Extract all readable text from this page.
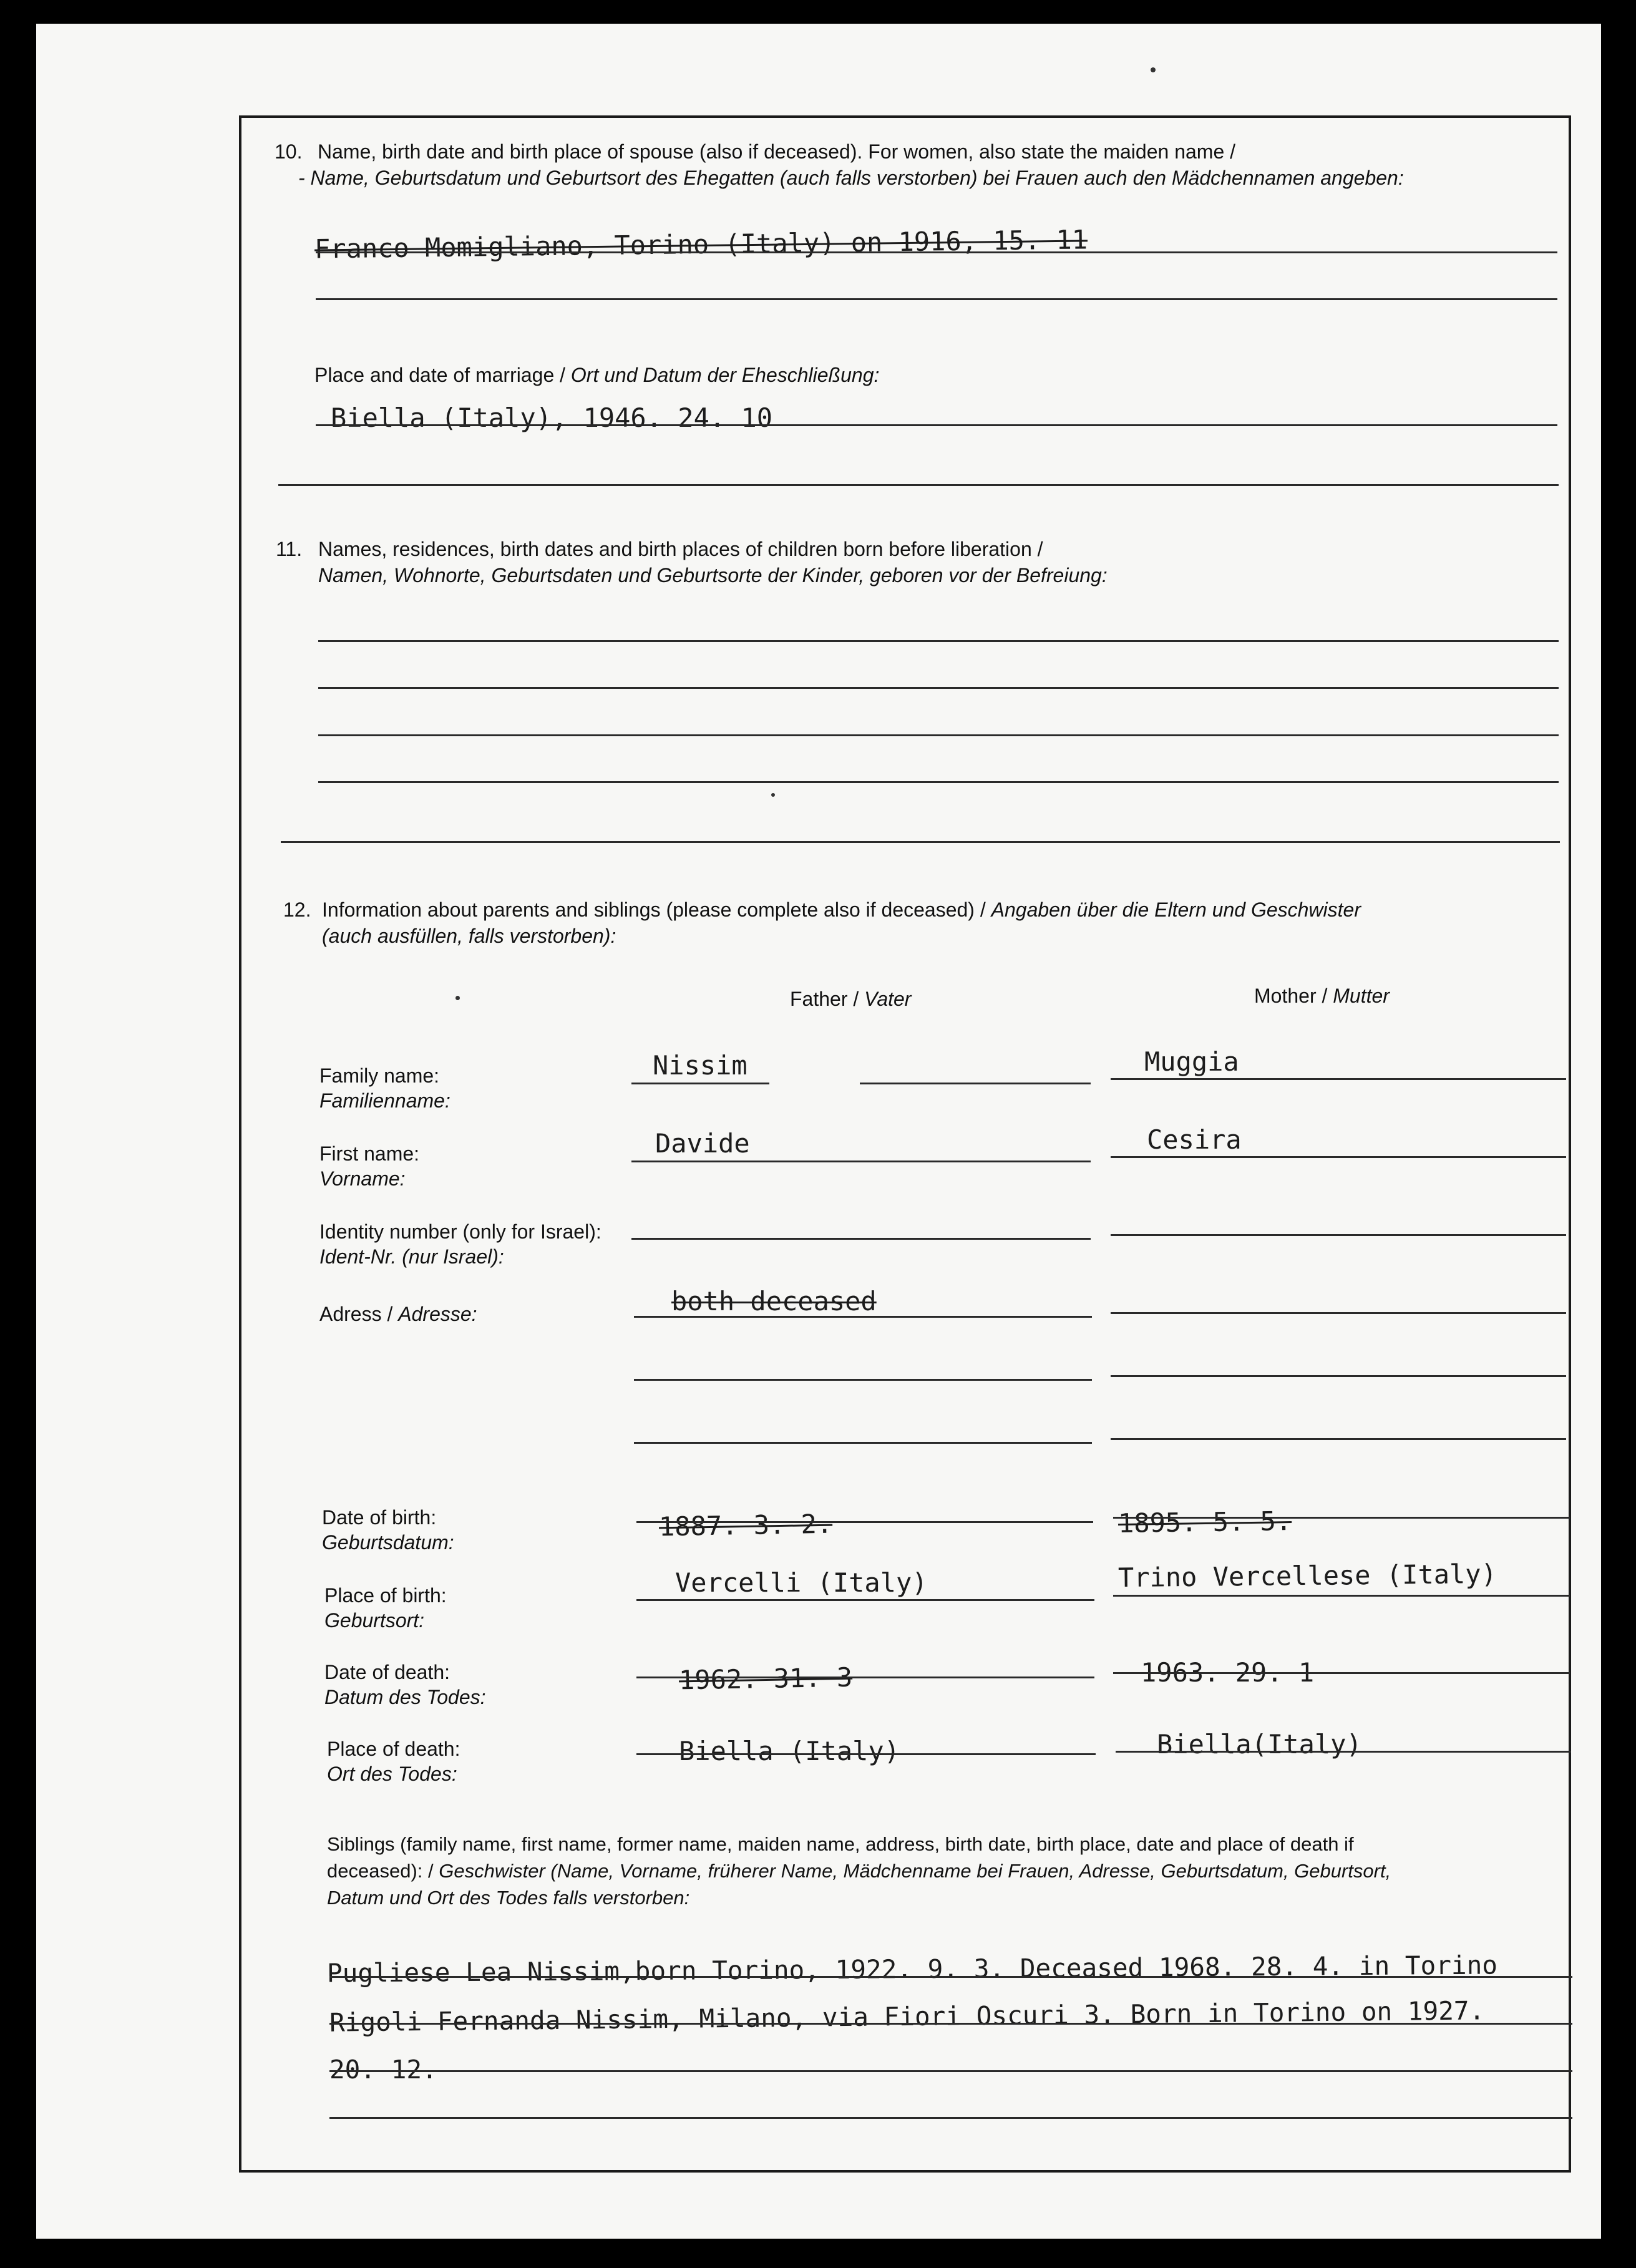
10. Name, birth date and birth place of spouse (also if deceased). For women, also state the maiden name /
- Name, Geburtsdatum und Geburtsort des Ehegatten (auch falls verstorben) bei Frauen auch den Mädchennamen angeben:
Franco Momigliano, Torino (Italy) on 1916, 15. 11
Place and date of marriage / Ort und Datum der Eheschließung:
Biella (Italy), 1946. 24. 10
11. Names, residences, birth dates and birth places of children born before liberation /
Namen, Wohnorte, Geburtsdaten und Geburtsorte der Kinder, geboren vor der Befreiung:
12. Information about parents and siblings (please complete also if deceased) / Angaben über die Eltern und Geschwister
(auch ausfüllen, falls verstorben):
Father / Vater	Mother / Mutter
Family name:
Familienname:
First name:
Vorname:
Identity number (only for Israel):
Ident-Nr. (nur Israel):
Adress / Adresse:
Date of birth:
Geburtsdatum:
Place of birth:
Geburtsort:
Date of death:
Datum des Todes:
Place of death:
Ort des Todes:
Nissim
Davide
both deceased
1887. 3. 2.
Vercelli (Italy)
1962. 31. 3
Biella (Italy)
Muggia
Cesira
1895. 5. 5.
Trino Vercellese (Italy)
1963. 29. 1
Biella(Italy)
Siblings (family name, first name, former name, maiden name, address, birth date, birth place, date and place of death if
deceased): / Geschwister (Name, Vorname, früherer Name, Mädchenname bei Frauen, Adresse, Geburtsdatum, Geburtsort,
Datum und Ort des Todes falls verstorben:
Pugliese Lea Nissim,born Torino, 1922. 9. 3. Deceased 1968. 28. 4. in Torino
Rigoli Fernanda Nissim, Milano, via Fiori Oscuri 3. Born in Torino on 1927.
20. 12.
